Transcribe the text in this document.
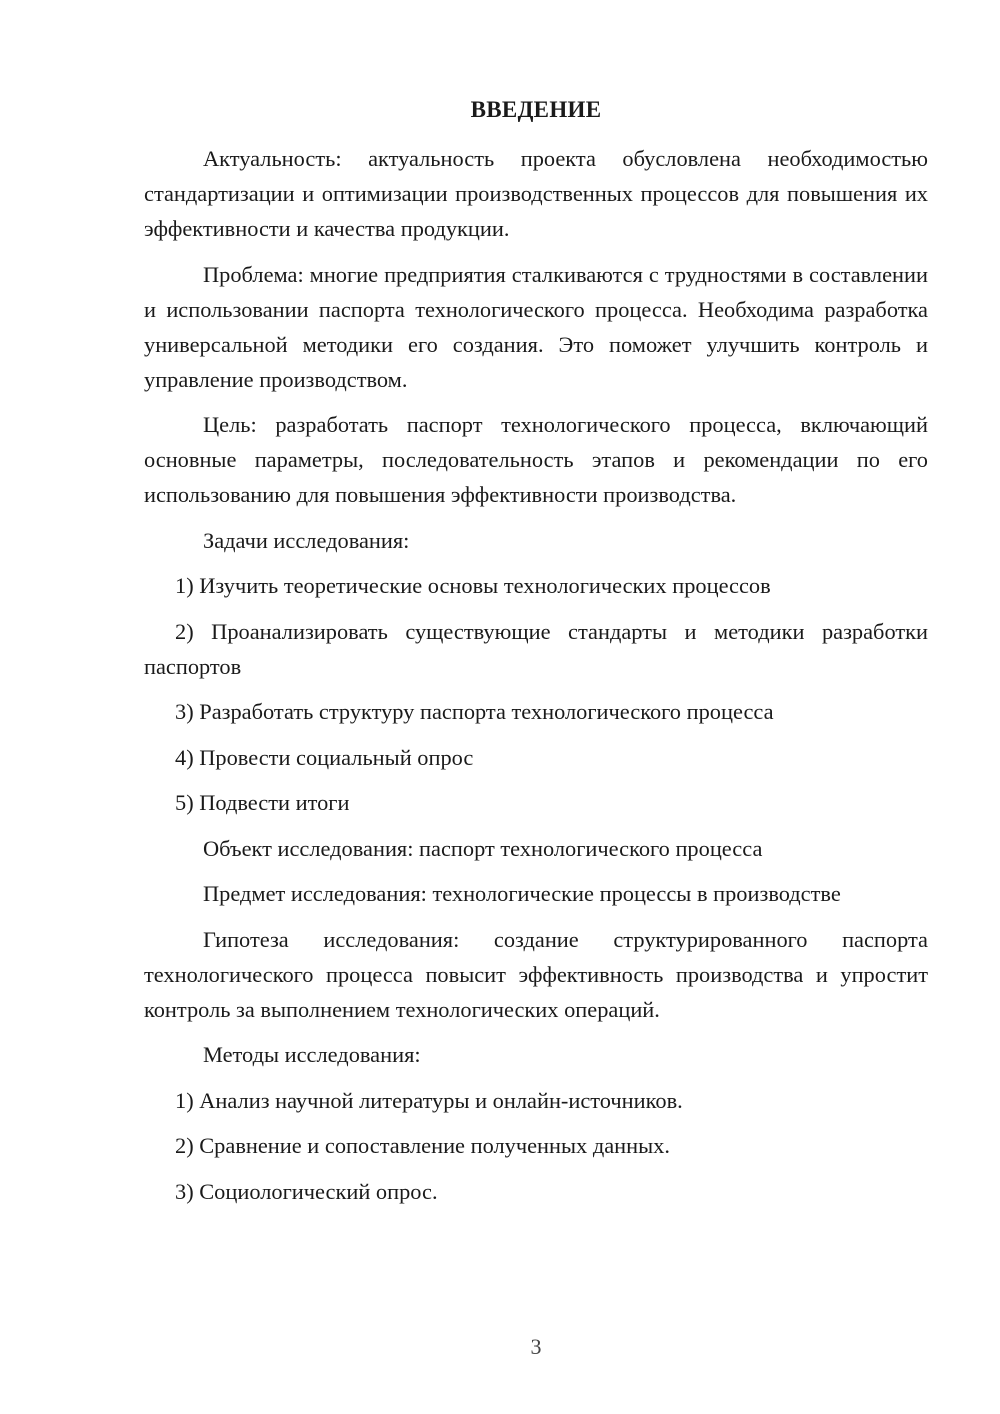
ВВЕДЕНИЕ

Актуальность: актуальность проекта обусловлена необходимостью стандартизации и оптимизации производственных процессов для повышения их эффективности и качества продукции.

Проблема: многие предприятия сталкиваются с трудностями в составлении и использовании паспорта технологического процесса. Необходима разработка универсальной методики его создания. Это поможет улучшить контроль и управление производством.

Цель: разработать паспорт технологического процесса, включающий основные параметры, последовательность этапов и рекомендации по его использованию для повышения эффективности производства.

Задачи исследования:

1) Изучить теоретические основы технологических процессов

2) Проанализировать существующие стандарты и методики разработки паспортов

3) Разработать структуру паспорта технологического процесса

4) Провести социальный опрос

5) Подвести итоги

Объект исследования: паспорт технологического процесса

Предмет исследования: технологические процессы в производстве

Гипотеза исследования: создание структурированного паспорта технологического процесса повысит эффективность производства и упростит контроль за выполнением технологических операций.

Методы исследования:

1) Анализ научной литературы и онлайн-источников.

2) Сравнение и сопоставление полученных данных.

3) Социологический опрос.

3
